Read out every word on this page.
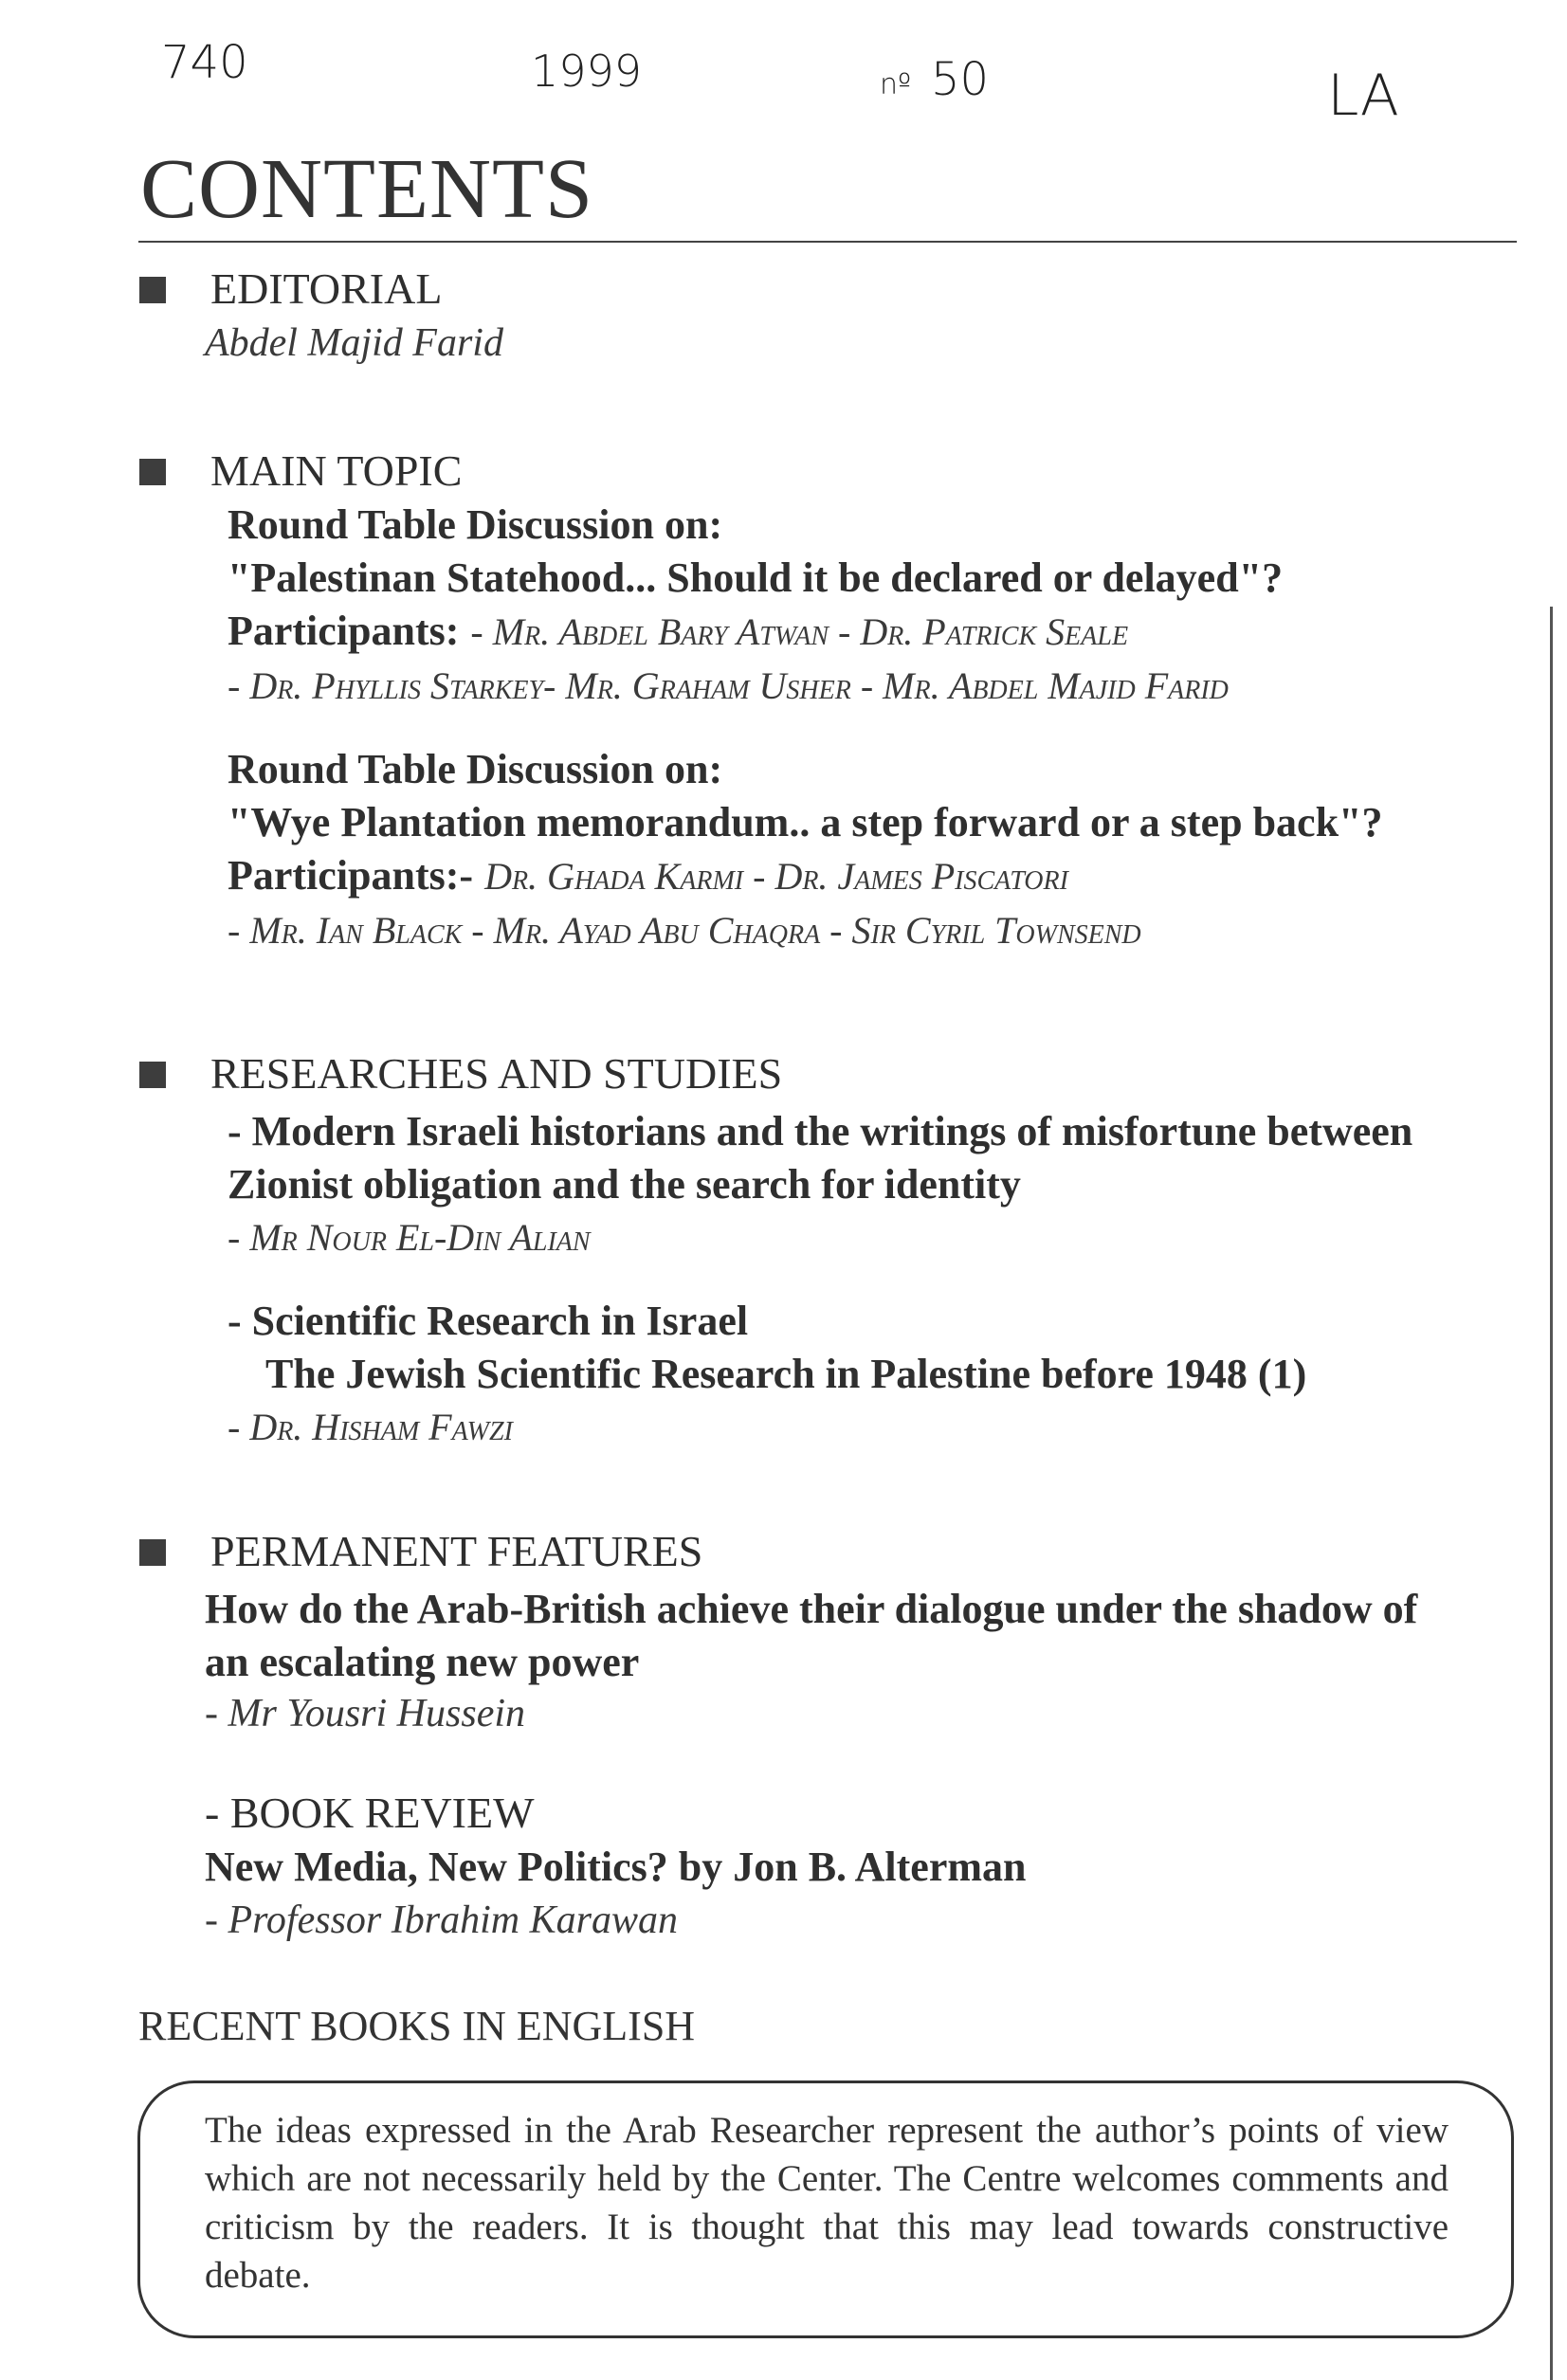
740	1999	nº 50	LA
CONTENTS
EDITORIAL
Abdel Majid Farid
MAIN TOPIC
Round Table Discussion on:
"Palestinan Statehood... Should it be declared or delayed"?
Participants: - Mr. Abdel Bary Atwan - Dr. Patrick Seale
- Dr. Phyllis Starkey- Mr. Graham Usher - Mr. Abdel Majid Farid
Round Table Discussion on:
"Wye Plantation memorandum.. a step forward or a step back"?
Participants:- Dr. Ghada Karmi - Dr. James Piscatori
- Mr. Ian Black - Mr. Ayad Abu Chaqra - Sir Cyril Townsend
RESEARCHES AND STUDIES
- Modern Israeli historians and the writings of misfortune between
Zionist obligation and the search for identity
- Mr Nour El-Din Alian
- Scientific Research in Israel
The Jewish Scientific Research in Palestine before 1948 (1)
- Dr. Hisham Fawzi
PERMANENT FEATURES
How do the Arab-British achieve their dialogue under the shadow of
an escalating new power
- Mr Yousri Hussein
- BOOK REVIEW
New Media, New Politics? by Jon B. Alterman
- Professor Ibrahim Karawan
RECENT BOOKS IN ENGLISH
The ideas expressed in the Arab Researcher represent the author’s points of view which are not necessarily held by the Center. The Centre welcomes comments and criticism by the readers. It is thought that this may lead towards constructive debate.
